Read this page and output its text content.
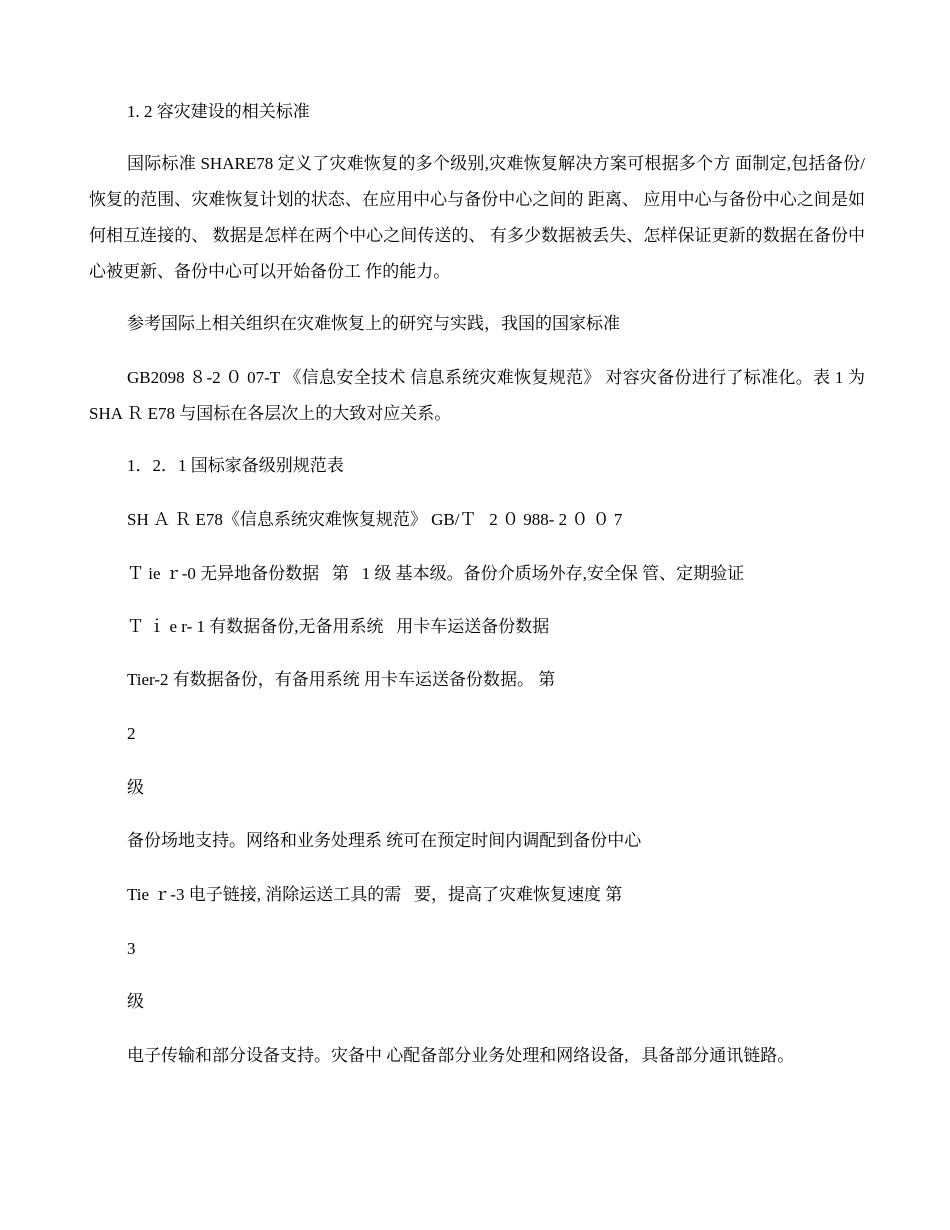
1. 2 容灾建设的相关标准

国际标准 SHARE78 定义了灾难恢复的多个级别,灾难恢复解决方案可根据多个方 面制定,包括备份/恢复的范围、灾难恢复计划的状态、在应用中心与备份中心之间的 距离、 应用中心与备份中心之间是如何相互连接的、 数据是怎样在两个中心之间传送的、 有多少数据被丢失、怎样保证更新的数据在备份中心被更新、备份中心可以开始备份工 作的能力。

参考国际上相关组织在灾难恢复上的研究与实践，我国的国家标准

GB2098 ８-2 ０ 07-T 《信息安全技术 信息系统灾难恢复规范》 对容灾备份进行了标准化。表 1 为 SHA Ｒ E78 与国标在各层次上的大致对应关系。

1．2．1 国标家备级别规范表

SH Ａ Ｒ E78《信息系统灾难恢复规范》 GB/Ｔ   2 ０ 988- 2 ０ ０ 7

Ｔ ie ｒ-0 无异地备份数据   第   1 级 基本级。备份介质场外存,安全保 管、定期验证

Ｔ ｉ e r- 1 有数据备份,无备用系统   用卡车运送备份数据

Tier-2 有数据备份，有备用系统 用卡车运送备份数据。 第

2

级

备份场地支持。网络和业务处理系 统可在预定时间内调配到备份中心

Tie ｒ-3 电子链接, 消除运送工具的需   要，提高了灾难恢复速度 第

3

级

电子传输和部分设备支持。灾备中 心配备部分业务处理和网络设备,   具备部分通讯链路。
